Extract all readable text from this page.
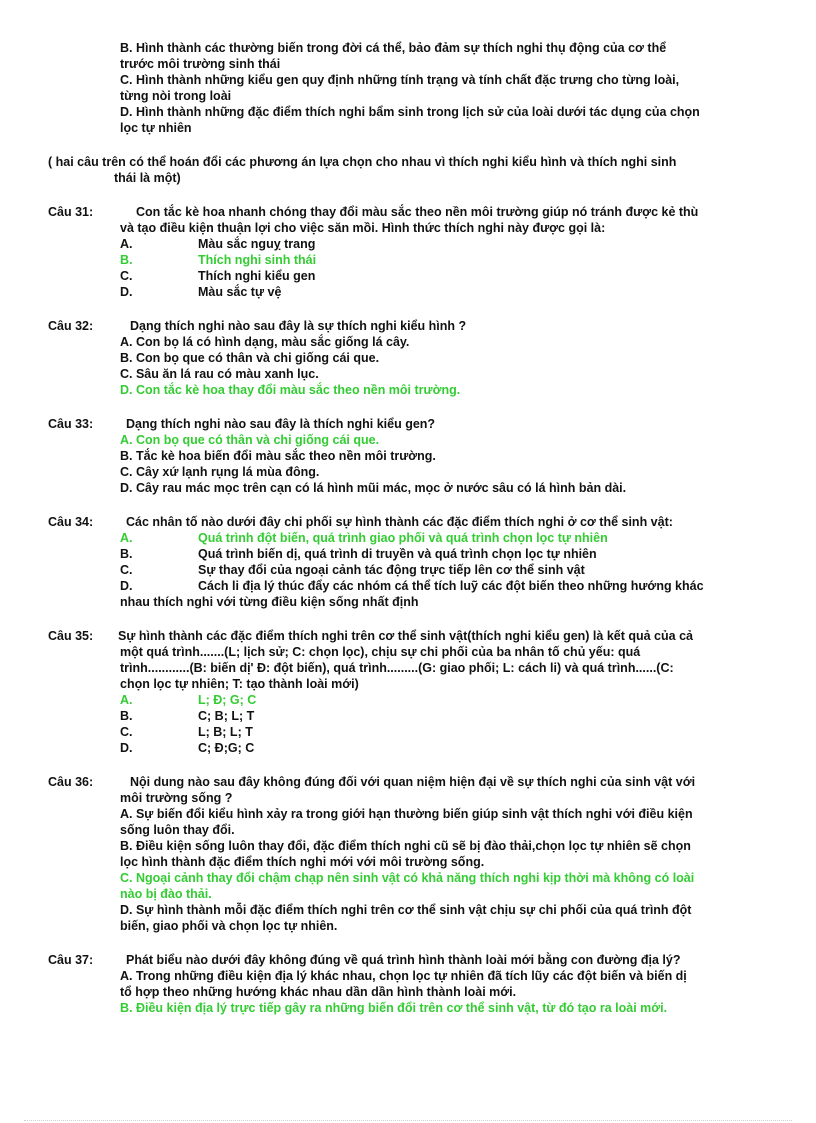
B. Hình thành các thường biến trong đời cá thể, bảo đảm sự thích nghi thụ động của cơ thể
trước môi trường sinh thái
C. Hình thành những kiểu gen quy định những tính trạng và tính chất đặc trưng cho từng loài,
từng nòi trong loài
D. Hình thành những đặc điểm thích nghi bẩm sinh trong lịch sử của loài dưới tác dụng của chọn
lọc tự nhiên
( hai câu trên có thể hoán đổi các phương án lựa chọn cho nhau vì thích nghi kiểu hình và thích nghi sinh
thái là một)
Câu 31:	Con tắc kè hoa nhanh chóng thay đổi màu sắc theo nền môi trường giúp nó tránh được kẻ thù
và tạo điều kiện thuận lợi cho việc săn mồi. Hình thức thích nghi này được gọi là:
A.	Màu sắc nguỵ trang
B.	Thích nghi sinh thái
C.	Thích nghi kiểu gen
D.	Màu sắc tự vệ
Câu 32:	Dạng thích nghi nào sau đây là sự thích nghi kiểu hình ?
A. Con bọ lá có hình dạng, màu sắc giống lá cây.
B. Con bọ que có thân và chi giống cái que.
C. Sâu ăn lá rau có màu xanh lục.
D. Con tắc kè hoa thay đổi màu sắc theo nền môi trường.
Câu 33:	Dạng thích nghi nào sau đây là thích nghi kiểu gen?
A. Con bọ que có thân và chi giống cái que.
B. Tắc kè hoa biến đổi màu sắc theo nền môi trường.
C. Cây xứ lạnh rụng lá mùa đông.
D. Cây rau mác mọc trên cạn có lá hình mũi mác, mọc ở nước sâu có lá hình bản dài.
Câu 34:	Các nhân tố nào dưới đây chi phối sự hình thành các đặc điểm thích nghi ở cơ thể sinh vật:
A.	Quá trình đột biến, quá trình giao phối và quá trình chọn lọc tự nhiên
B.	Quá trình biến dị, quá trình di truyền và quá trình chọn lọc tự nhiên
C.	Sự thay đổi của ngoại cảnh tác động trực tiếp lên cơ thể sinh vật
D.	Cách li địa lý thúc đẩy các nhóm cá thể tích luỹ các đột biến theo những hướng khác
nhau thích nghi với từng điều kiện sống nhất định
Câu 35: Sự hình thành các đặc điểm thích nghi trên cơ thể sinh vật(thích nghi kiểu gen) là kết quả của cả
một quá trình.......(L; lịch sử; C: chọn lọc), chịu sự chi phối của ba nhân tố chủ yếu: quá
trình............(B: biến dị' Đ: đột biến), quá trình.........(G: giao phối; L: cách li) và quá trình......(C:
chọn lọc tự nhiên; T: tạo thành loài mới)
A.	L; Đ; G; C
B.	C; B; L; T
C.	L; B; L; T
D.	C; Đ;G; C
Câu 36:	Nội dung nào sau đây không đúng đối với quan niệm hiện đại về sự thích nghi của sinh vật với
môi trường sống ?
A. Sự biến đổi kiểu hình xảy ra trong giới hạn thường biến giúp sinh vật thích nghi với điều kiện
sống luôn thay đổi.
B. Điều kiện sống luôn thay đổi, đặc điểm thích nghi cũ sẽ bị đào thải,chọn lọc tự nhiên sẽ chọn
lọc hình thành đặc điểm thích nghi mới với môi trường sống.
C. Ngoại cảnh thay đổi chậm chạp nên sinh vật có khả năng thích nghi kịp thời mà không có loài
nào bị đào thải.
D. Sự hình thành mỗi đặc điểm thích nghi trên cơ thể sinh vật chịu sự chi phối của quá trình đột
biến, giao phối và chọn lọc tự nhiên.
Câu 37:	Phát biểu nào dưới đây không đúng về quá trình hình thành loài mới bằng con đường địa lý?
A. Trong những điều kiện địa lý khác nhau, chọn lọc tự nhiên đã tích lũy các đột biến và biến dị
tổ hợp theo những hướng khác nhau dần dần hình thành loài mới.
B. Điều kiện địa lý trực tiếp gây ra những biến đổi trên cơ thể sinh vật, từ đó tạo ra loài mới.
